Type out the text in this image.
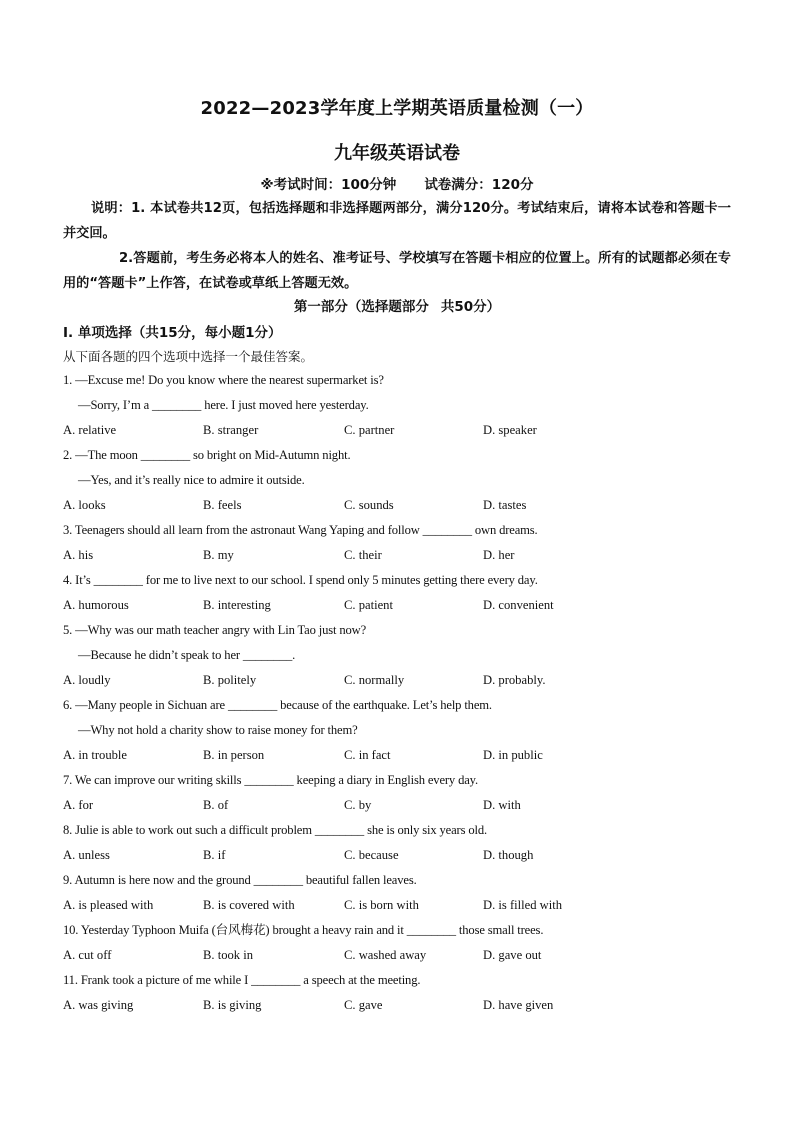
2022—2023学年度上学期英语质量检测（一）
九年级英语试卷
※考试时间：100分钟 试卷满分：120分
说明：1. 本试卷共12页，包括选择题和非选择题两部分，满分120分。考试结束后，请将本试卷和答题卡一并交回。
2.答题前，考生务必将本人的姓名、准考证号、学校填写在答题卡相应的位置上。所有的试题都必须在专用的“答题卡”上作答，在试卷或草纸上答题无效。
第一部分（选择题部分 共50分）
Ⅰ. 单项选择（共15分，每小题1分）
从下面各题的四个选项中选择一个最佳答案。
1. —Excuse me! Do you know where the nearest supermarket is?
—Sorry, I’m a ________ here. I just moved here yesterday.
A. relative	B. stranger	C. partner	D. speaker
2. —The moon ________ so bright on Mid-Autumn night.
—Yes, and it’s really nice to admire it outside.
A. looks	B. feels	C. sounds	D. tastes
3. Teenagers should all learn from the astronaut Wang Yaping and follow ________ own dreams.
A. his	B. my	C. their	D. her
4. It’s ________ for me to live next to our school. I spend only 5 minutes getting there every day.
A. humorous	B. interesting	C. patient	D. convenient
5. —Why was our math teacher angry with Lin Tao just now?
—Because he didn’t speak to her ________.
A. loudly	B. politely	C. normally	D. probably.
6. —Many people in Sichuan are ________ because of the earthquake. Let’s help them.
—Why not hold a charity show to raise money for them?
A. in trouble	B. in person	C. in fact	D. in public
7. We can improve our writing skills ________ keeping a diary in English every day.
A. for	B. of	C. by	D. with
8. Julie is able to work out such a difficult problem ________ she is only six years old.
A. unless	B. if	C. because	D. though
9. Autumn is here now and the ground ________ beautiful fallen leaves.
A. is pleased with	B. is covered with	C. is born with	D. is filled with
10. Yesterday Typhoon Muifa (台风梅花) brought a heavy rain and it ________ those small trees.
A. cut off	B. took in	C. washed away	D. gave out
11. Frank took a picture of me while I ________ a speech at the meeting.
A. was giving	B. is giving	C. gave	D. have given
